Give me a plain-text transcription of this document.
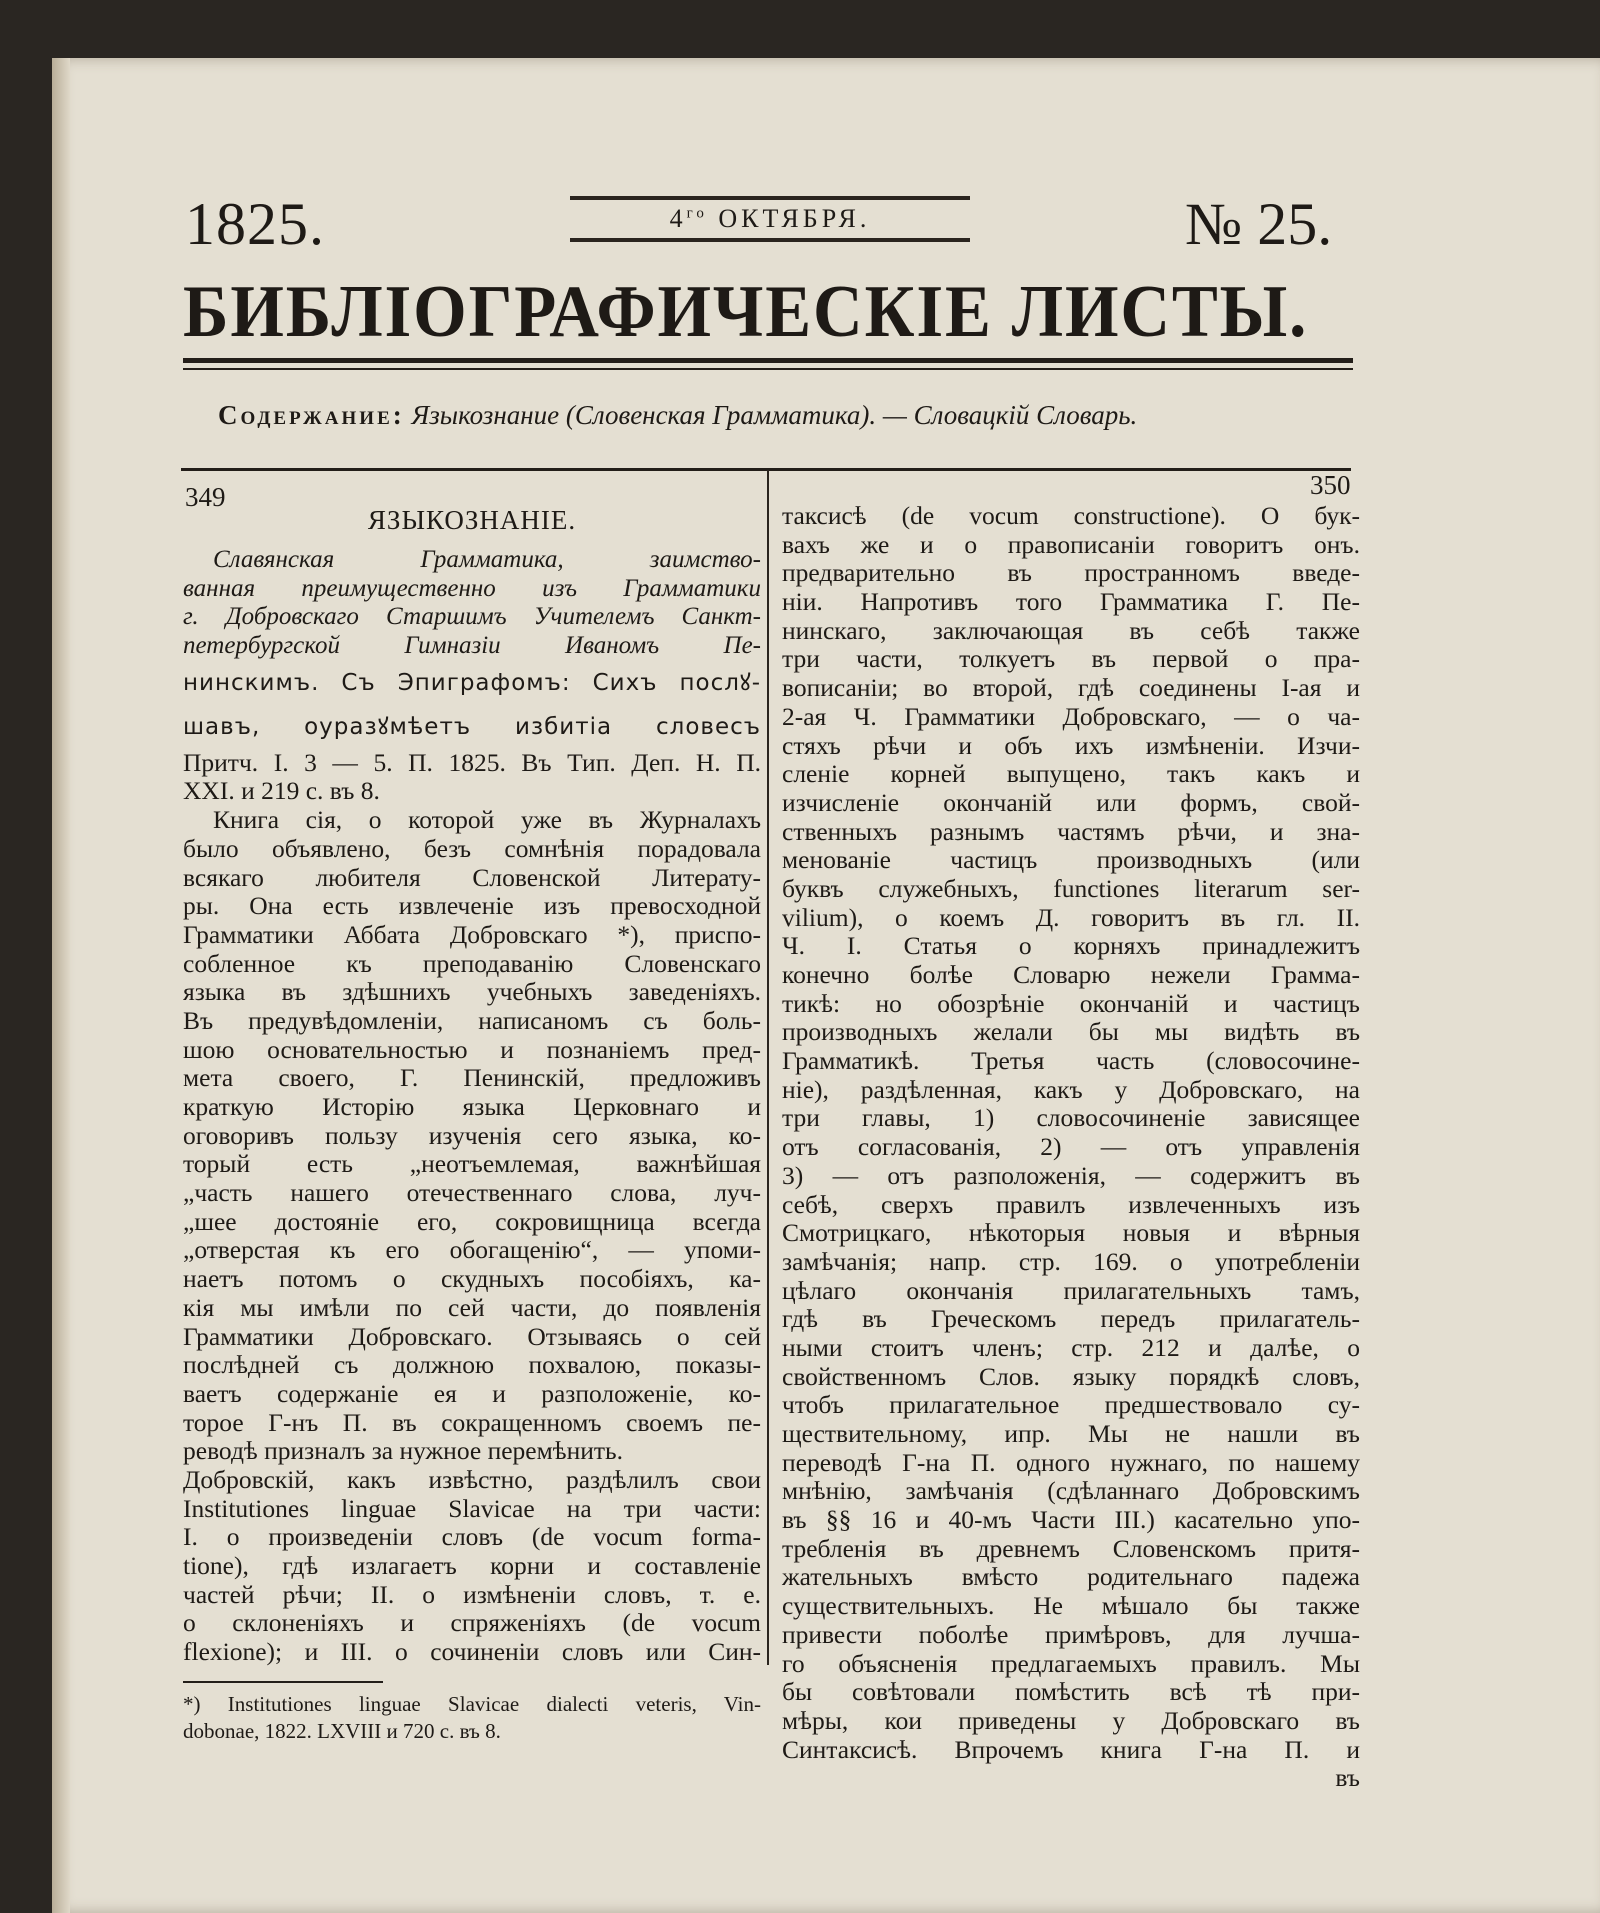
1825.	$4^{го}$ ОКТЯБРЯ.	№ 25.
БИБЛIОГРАФИЧЕСКIЕ ЛИСТЫ.
Содержание: Языкознание (Словенская Грамматика). — Словацкiй Словарь.
349	350
ЯЗЫКОЗНАНIЕ.
Славянская Грамматика, заимство-
ванная преимущественно изъ Грамматики
г. Добровскаго Старшимъ Учителемъ Санкт-
петербургской Гимназiи Иваномъ Пе-
нинскимъ. Съ Эпиграфомъ: Сихъ послꙋ-
шавъ, оуразꙋмѣетъ избитiа словесъ
Притч. I. 3 — 5. П. 1825. Въ Тип. Деп. Н. П.
XXI. и 219 с. въ 8.
Книга сiя, о которой уже въ Журналахъ
было объявлено, безъ сомнѣнiя порадовала
всякаго любителя Словенской Литерату-
ры. Она есть извлеченiе изъ превосходной
Грамматики Аббата Добровскаго *), приспо-
собленное къ преподаванiю Словенскаго
языка въ здѣшнихъ учебныхъ заведенiяхъ.
Въ предувѣдомленiи, написаномъ съ боль-
шою основательностью и познанiемъ пред-
мета своего, Г. Пенинскiй, предложивъ
краткую Исторiю языка Церковнаго и
оговоривъ пользу изученiя сего языка, ко-
торый есть „неотъемлемая, важнѣйшая
„часть нашего отечественнаго слова, луч-
„шее достоянiе его, сокровищница всегда
„отверстая къ его обогащенiю“, — упоми-
наетъ потомъ о скудныхъ пособiяхъ, ка-
кiя мы имѣли по сей части, до появленiя
Грамматики Добровскаго. Отзываясь о сей
послѣдней съ должною похвалою, показы-
ваетъ содержанiе ея и разположенiе, ко-
торое Г-нъ П. въ сокращенномъ своемъ пе-
реводѣ призналъ за нужное перемѣнить.
Добровскiй, какъ извѣстно, раздѣлилъ свои
Institutiones linguae Slavicae на три части:
I. о произведенiи словъ (de vocum forma-
tione), гдѣ излагаетъ корни и составленiе
частей рѣчи; II. о измѣненiи словъ, т. е.
о склоненiяхъ и спряженiяхъ (de vocum
flexione); и III. о сочиненiи словъ или Син-
*) Institutiones linguae Slavicae dialecti veteris, Vin-
dobonae, 1822. LXVIII и 720 с. въ 8.
таксисѣ (de vocum constructione). О бук-
вахъ же и о правописанiи говоритъ онъ.
предварительно въ пространномъ введе-
нiи. Напротивъ того Грамматика Г. Пе-
нинскаго, заключающая въ себѣ также
три части, толкуетъ въ первой о пра-
вописанiи; во второй, гдѣ соединены I-ая и
2-ая Ч. Грамматики Добровскаго, — о ча-
стяхъ рѣчи и объ ихъ измѣненiи. Изчи-
сленiе корней выпущено, такъ какъ и
изчисленiе окончанiй или формъ, свой-
ственныхъ разнымъ частямъ рѣчи, и зна-
менованiе частицъ производныхъ (или
буквъ служебныхъ, functiones literarum ser-
vilium), о коемъ Д. говоритъ въ гл. II.
Ч. I. Статья о корняхъ принадлежитъ
конечно болѣе Словарю нежели Грамма-
тикѣ: но обозрѣнiе окончанiй и частицъ
производныхъ желали бы мы видѣть въ
Грамматикѣ. Третья часть (словосочине-
нiе), раздѣленная, какъ у Добровскаго, на
три главы, 1) словосочиненiе зависящее
отъ согласованiя, 2) — отъ управленiя
3) — отъ разположенiя, — содержитъ въ
себѣ, сверхъ правилъ извлеченныхъ изъ
Смотрицкаго, нѣкоторыя новыя и вѣрныя
замѣчанiя; напр. стр. 169. о употребленiи
цѣлаго окончанiя прилагательныхъ тамъ,
гдѣ въ Греческомъ передъ прилагатель-
ными стоитъ членъ; стр. 212 и далѣе, о
свойственномъ Слов. языку порядкѣ словъ,
чтобъ прилагательное предшествовало су-
ществительному, ипр. Мы не нашли въ
переводѣ Г-на П. одного нужнаго, по нашему
мнѣнiю, замѣчанiя (сдѣланнаго Добровскимъ
въ §§ 16 и 40-мъ Части III.) касательно упо-
требленiя въ древнемъ Словенскомъ притя-
жательныхъ вмѣсто родительнаго падежа
существительныхъ. Не мѣшало бы также
привести поболѣе примѣровъ, для лучша-
го объясненiя предлагаемыхъ правилъ. Мы
бы совѣтовали помѣстить всѣ тѣ при-
мѣры, кои приведены у Добровскаго въ
Синтаксисѣ. Впрочемъ книга Г-на П. и
въ
